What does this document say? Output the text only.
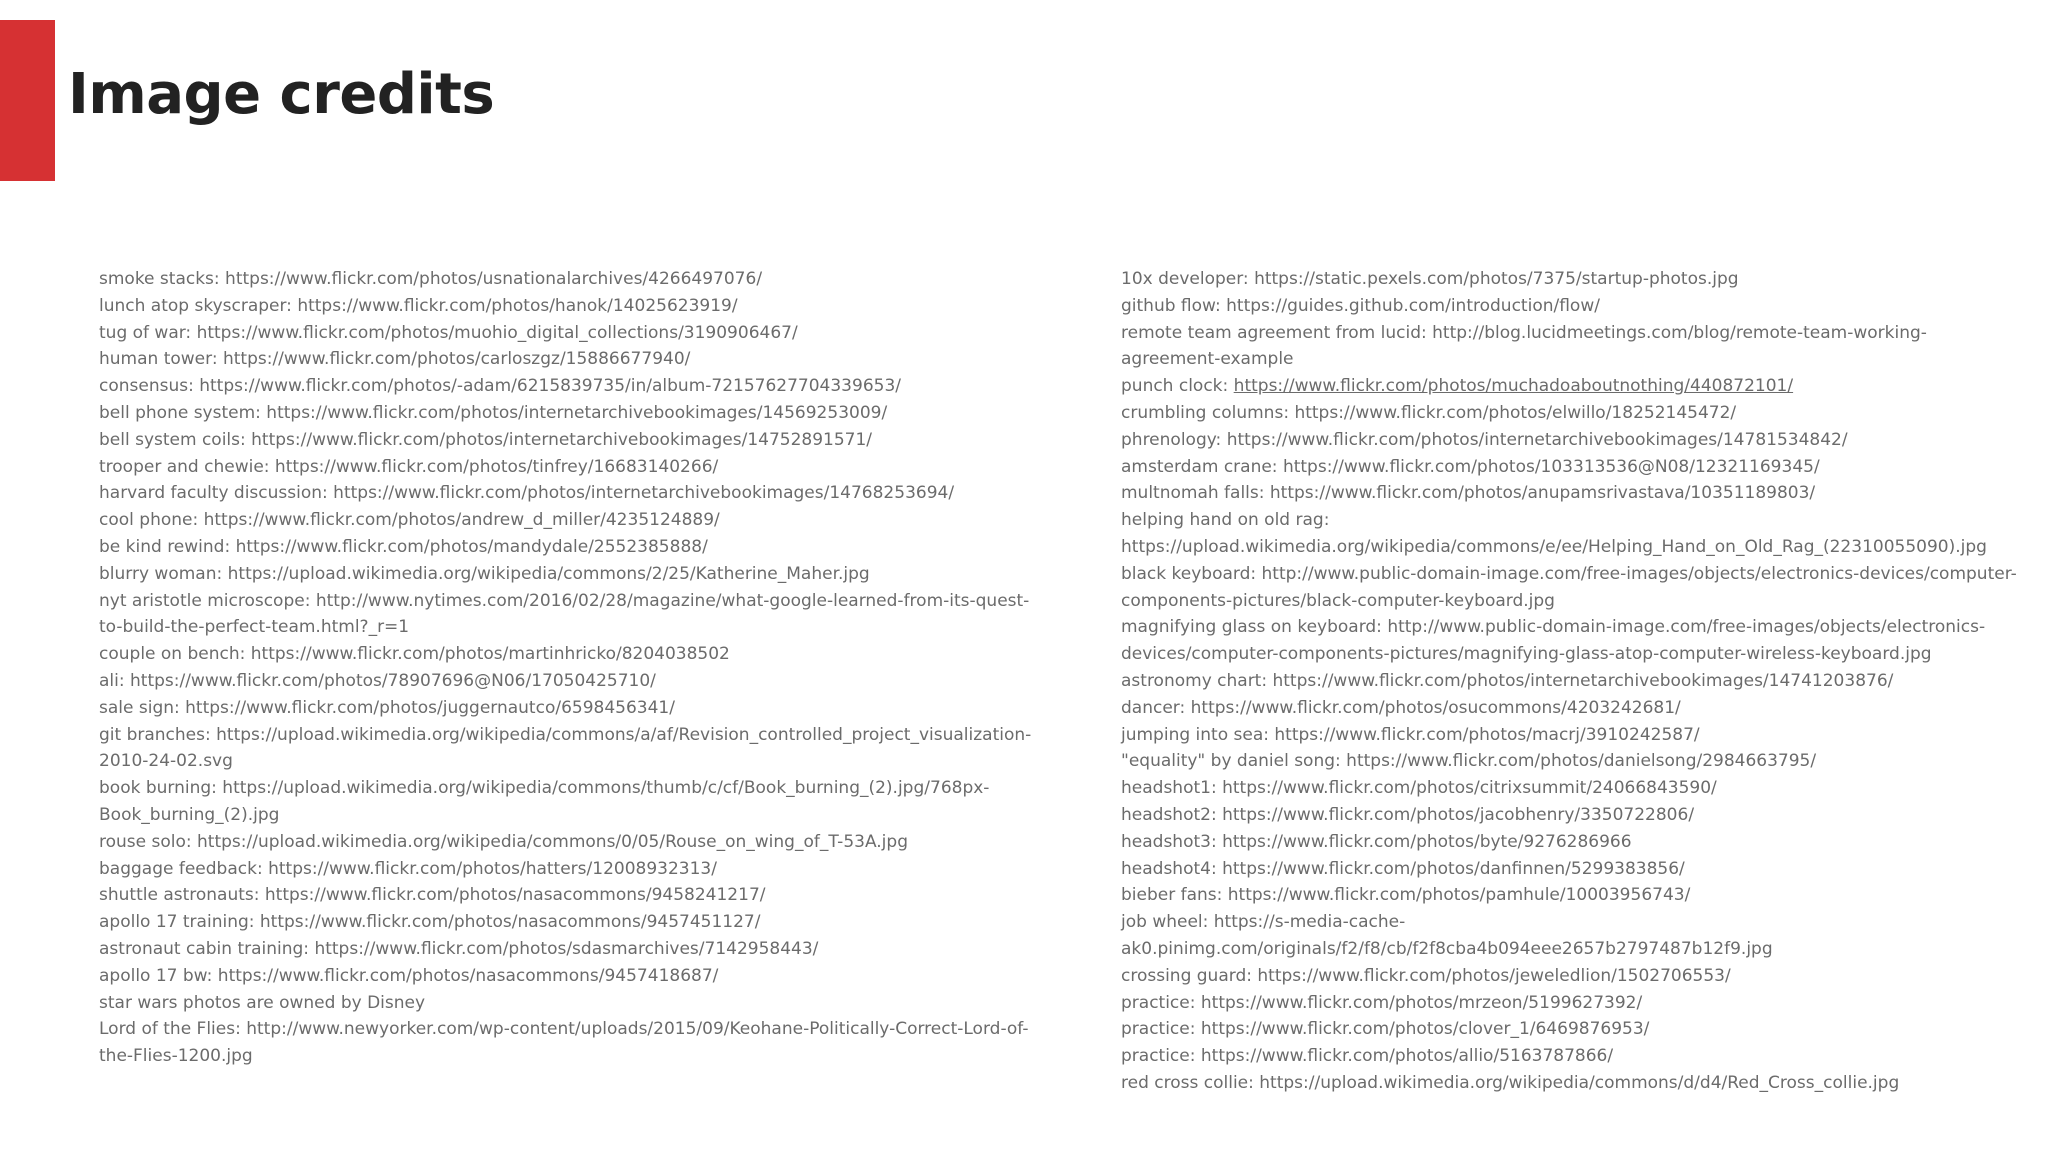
Image credits

smoke stacks: https://www.flickr.com/photos/usnationalarchives/4266497076/

lunch atop skyscraper: https://www.flickr.com/photos/hanok/14025623919/

tug of war: https://www.flickr.com/photos/muohio_digital_collections/3190906467/

human tower: https://www.flickr.com/photos/carloszgz/15886677940/

consensus: https://www.flickr.com/photos/-adam/6215839735/in/album-72157627704339653/

bell phone system: https://www.flickr.com/photos/internetarchivebookimages/14569253009/

bell system coils: https://www.flickr.com/photos/internetarchivebookimages/14752891571/

trooper and chewie: https://www.flickr.com/photos/tinfrey/16683140266/

harvard faculty discussion: https://www.flickr.com/photos/internetarchivebookimages/14768253694/

cool phone: https://www.flickr.com/photos/andrew_d_miller/4235124889/

be kind rewind: https://www.flickr.com/photos/mandydale/2552385888/

blurry woman: https://upload.wikimedia.org/wikipedia/commons/2/25/Katherine_Maher.jpg

nyt aristotle microscope: http://www.nytimes.com/2016/02/28/magazine/what-google-learned-from-its-quest-to-build-the-perfect-team.html?_r=1

couple on bench: https://www.flickr.com/photos/martinhricko/8204038502

ali: https://www.flickr.com/photos/78907696@N06/17050425710/

sale sign: https://www.flickr.com/photos/juggernautco/6598456341/

git branches: https://upload.wikimedia.org/wikipedia/commons/a/af/Revision_controlled_project_visualization-2010-24-02.svg

book burning: https://upload.wikimedia.org/wikipedia/commons/thumb/c/cf/Book_burning_(2).jpg/768px-Book_burning_(2).jpg

rouse solo: https://upload.wikimedia.org/wikipedia/commons/0/05/Rouse_on_wing_of_T-53A.jpg

baggage feedback: https://www.flickr.com/photos/hatters/12008932313/

shuttle astronauts: https://www.flickr.com/photos/nasacommons/9458241217/

apollo 17 training: https://www.flickr.com/photos/nasacommons/9457451127/

astronaut cabin training: https://www.flickr.com/photos/sdasmarchives/7142958443/

apollo 17 bw: https://www.flickr.com/photos/nasacommons/9457418687/

star wars photos are owned by Disney

Lord of the Flies: http://www.newyorker.com/wp-content/uploads/2015/09/Keohane-Politically-Correct-Lord-of-the-Flies-1200.jpg

10x developer: https://static.pexels.com/photos/7375/startup-photos.jpg

github flow: https://guides.github.com/introduction/flow/

remote team agreement from lucid: http://blog.lucidmeetings.com/blog/remote-team-working-agreement-example

punch clock: https://www.flickr.com/photos/muchadoaboutnothing/440872101/

crumbling columns: https://www.flickr.com/photos/elwillo/18252145472/

phrenology: https://www.flickr.com/photos/internetarchivebookimages/14781534842/

amsterdam crane: https://www.flickr.com/photos/103313536@N08/12321169345/

multnomah falls: https://www.flickr.com/photos/anupamsrivastava/10351189803/

helping hand on old rag: https://upload.wikimedia.org/wikipedia/commons/e/ee/Helping_Hand_on_Old_Rag_(22310055090).jpg

black keyboard: http://www.public-domain-image.com/free-images/objects/electronics-devices/computer-components-pictures/black-computer-keyboard.jpg

magnifying glass on keyboard: http://www.public-domain-image.com/free-images/objects/electronics-devices/computer-components-pictures/magnifying-glass-atop-computer-wireless-keyboard.jpg

astronomy chart: https://www.flickr.com/photos/internetarchivebookimages/14741203876/

dancer: https://www.flickr.com/photos/osucommons/4203242681/

jumping into sea: https://www.flickr.com/photos/macrj/3910242587/

"equality" by daniel song: https://www.flickr.com/photos/danielsong/2984663795/

headshot1: https://www.flickr.com/photos/citrixsummit/24066843590/

headshot2: https://www.flickr.com/photos/jacobhenry/3350722806/

headshot3: https://www.flickr.com/photos/byte/9276286966

headshot4: https://www.flickr.com/photos/danfinnen/5299383856/

bieber fans: https://www.flickr.com/photos/pamhule/10003956743/

job wheel: https://s-media-cache-ak0.pinimg.com/originals/f2/f8/cb/f2f8cba4b094eee2657b2797487b12f9.jpg

crossing guard: https://www.flickr.com/photos/jeweledlion/1502706553/

practice: https://www.flickr.com/photos/mrzeon/5199627392/

practice: https://www.flickr.com/photos/clover_1/6469876953/

practice: https://www.flickr.com/photos/allio/5163787866/

red cross collie: https://upload.wikimedia.org/wikipedia/commons/d/d4/Red_Cross_collie.jpg
